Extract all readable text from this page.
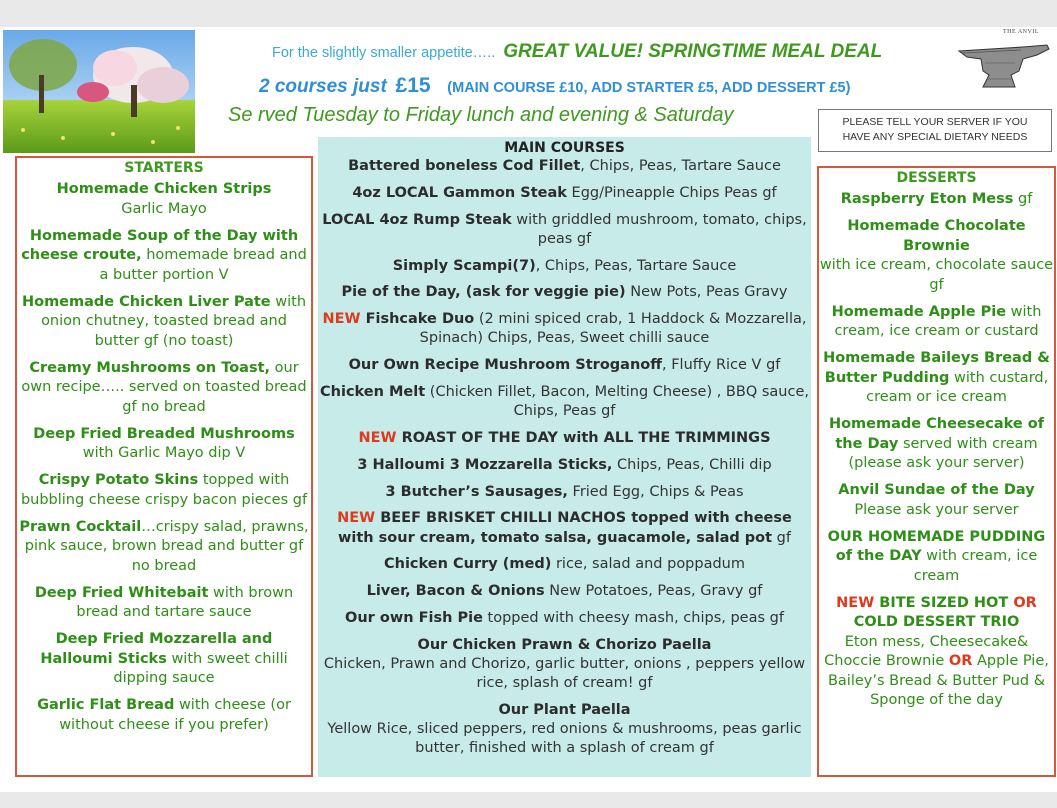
THE ANVIL
For the slightly smaller appetite….. GREAT VALUE! SPRINGTIME MEAL DEAL
2 courses just £15 (MAIN COURSE £10, ADD STARTER £5, ADD DESSERT £5)
Se rved Tuesday to Friday lunch and evening & Saturday	PLEASE TELL YOUR SERVER IF YOU
HAVE ANY SPECIAL DIETARY NEEDS
STARTERS
Homemade Chicken Strips
Garlic Mayo
Homemade Soup of the Day with cheese croute, homemade bread and a butter portion V
Homemade Chicken Liver Pate with onion chutney, toasted bread and butter gf (no toast)
Creamy Mushrooms on Toast, our own recipe….. served on toasted bread gf no bread
Deep Fried Breaded Mushrooms with Garlic Mayo dip V
Crispy Potato Skins topped with bubbling cheese crispy bacon pieces gf
Prawn Cocktail…crispy salad, prawns, pink sauce, brown bread and butter gf no bread
Deep Fried Whitebait with brown bread and tartare sauce
Deep Fried Mozzarella and Halloumi Sticks with sweet chilli dipping sauce
Garlic Flat Bread with cheese (or without cheese if you prefer)
MAIN COURSES
Battered boneless Cod Fillet, Chips, Peas, Tartare Sauce
4oz LOCAL Gammon Steak Egg/Pineapple Chips Peas gf
LOCAL 4oz Rump Steak with griddled mushroom, tomato, chips, peas gf
Simply Scampi(7), Chips, Peas, Tartare Sauce
Pie of the Day, (ask for veggie pie) New Pots, Peas Gravy
NEW Fishcake Duo (2 mini spiced crab, 1 Haddock & Mozzarella, Spinach) Chips, Peas, Sweet chilli sauce
Our Own Recipe Mushroom Stroganoff, Fluffy Rice V gf
Chicken Melt (Chicken Fillet, Bacon, Melting Cheese) , BBQ sauce, Chips, Peas gf
NEW ROAST OF THE DAY with ALL THE TRIMMINGS
3 Halloumi 3 Mozzarella Sticks, Chips, Peas, Chilli dip
3 Butcher’s Sausages, Fried Egg, Chips & Peas
NEW BEEF BRISKET CHILLI NACHOS topped with cheese with sour cream, tomato salsa, guacamole, salad pot gf
Chicken Curry (med) rice, salad and poppadum
Liver, Bacon & Onions New Potatoes, Peas, Gravy gf
Our own Fish Pie topped with cheesy mash, chips, peas gf
Our Chicken Prawn & Chorizo Paella
Chicken, Prawn and Chorizo, garlic butter, onions , peppers yellow rice, splash of cream! gf
Our Plant Paella
Yellow Rice, sliced peppers, red onions & mushrooms, peas garlic butter, finished with a splash of cream gf
DESSERTS
Raspberry Eton Mess gf
Homemade Chocolate Brownie
with ice cream, chocolate sauce gf
Homemade Apple Pie with cream, ice cream or custard
Homemade Baileys Bread & Butter Pudding with custard, cream or ice cream
Homemade Cheesecake of the Day served with cream (please ask your server)
Anvil Sundae of the Day
Please ask your server
OUR HOMEMADE PUDDING of the DAY with cream, ice cream
NEW BITE SIZED HOT OR COLD DESSERT TRIO
Eton mess, Cheesecake& Choccie Brownie OR Apple Pie, Bailey’s Bread & Butter Pud & Sponge of the day
